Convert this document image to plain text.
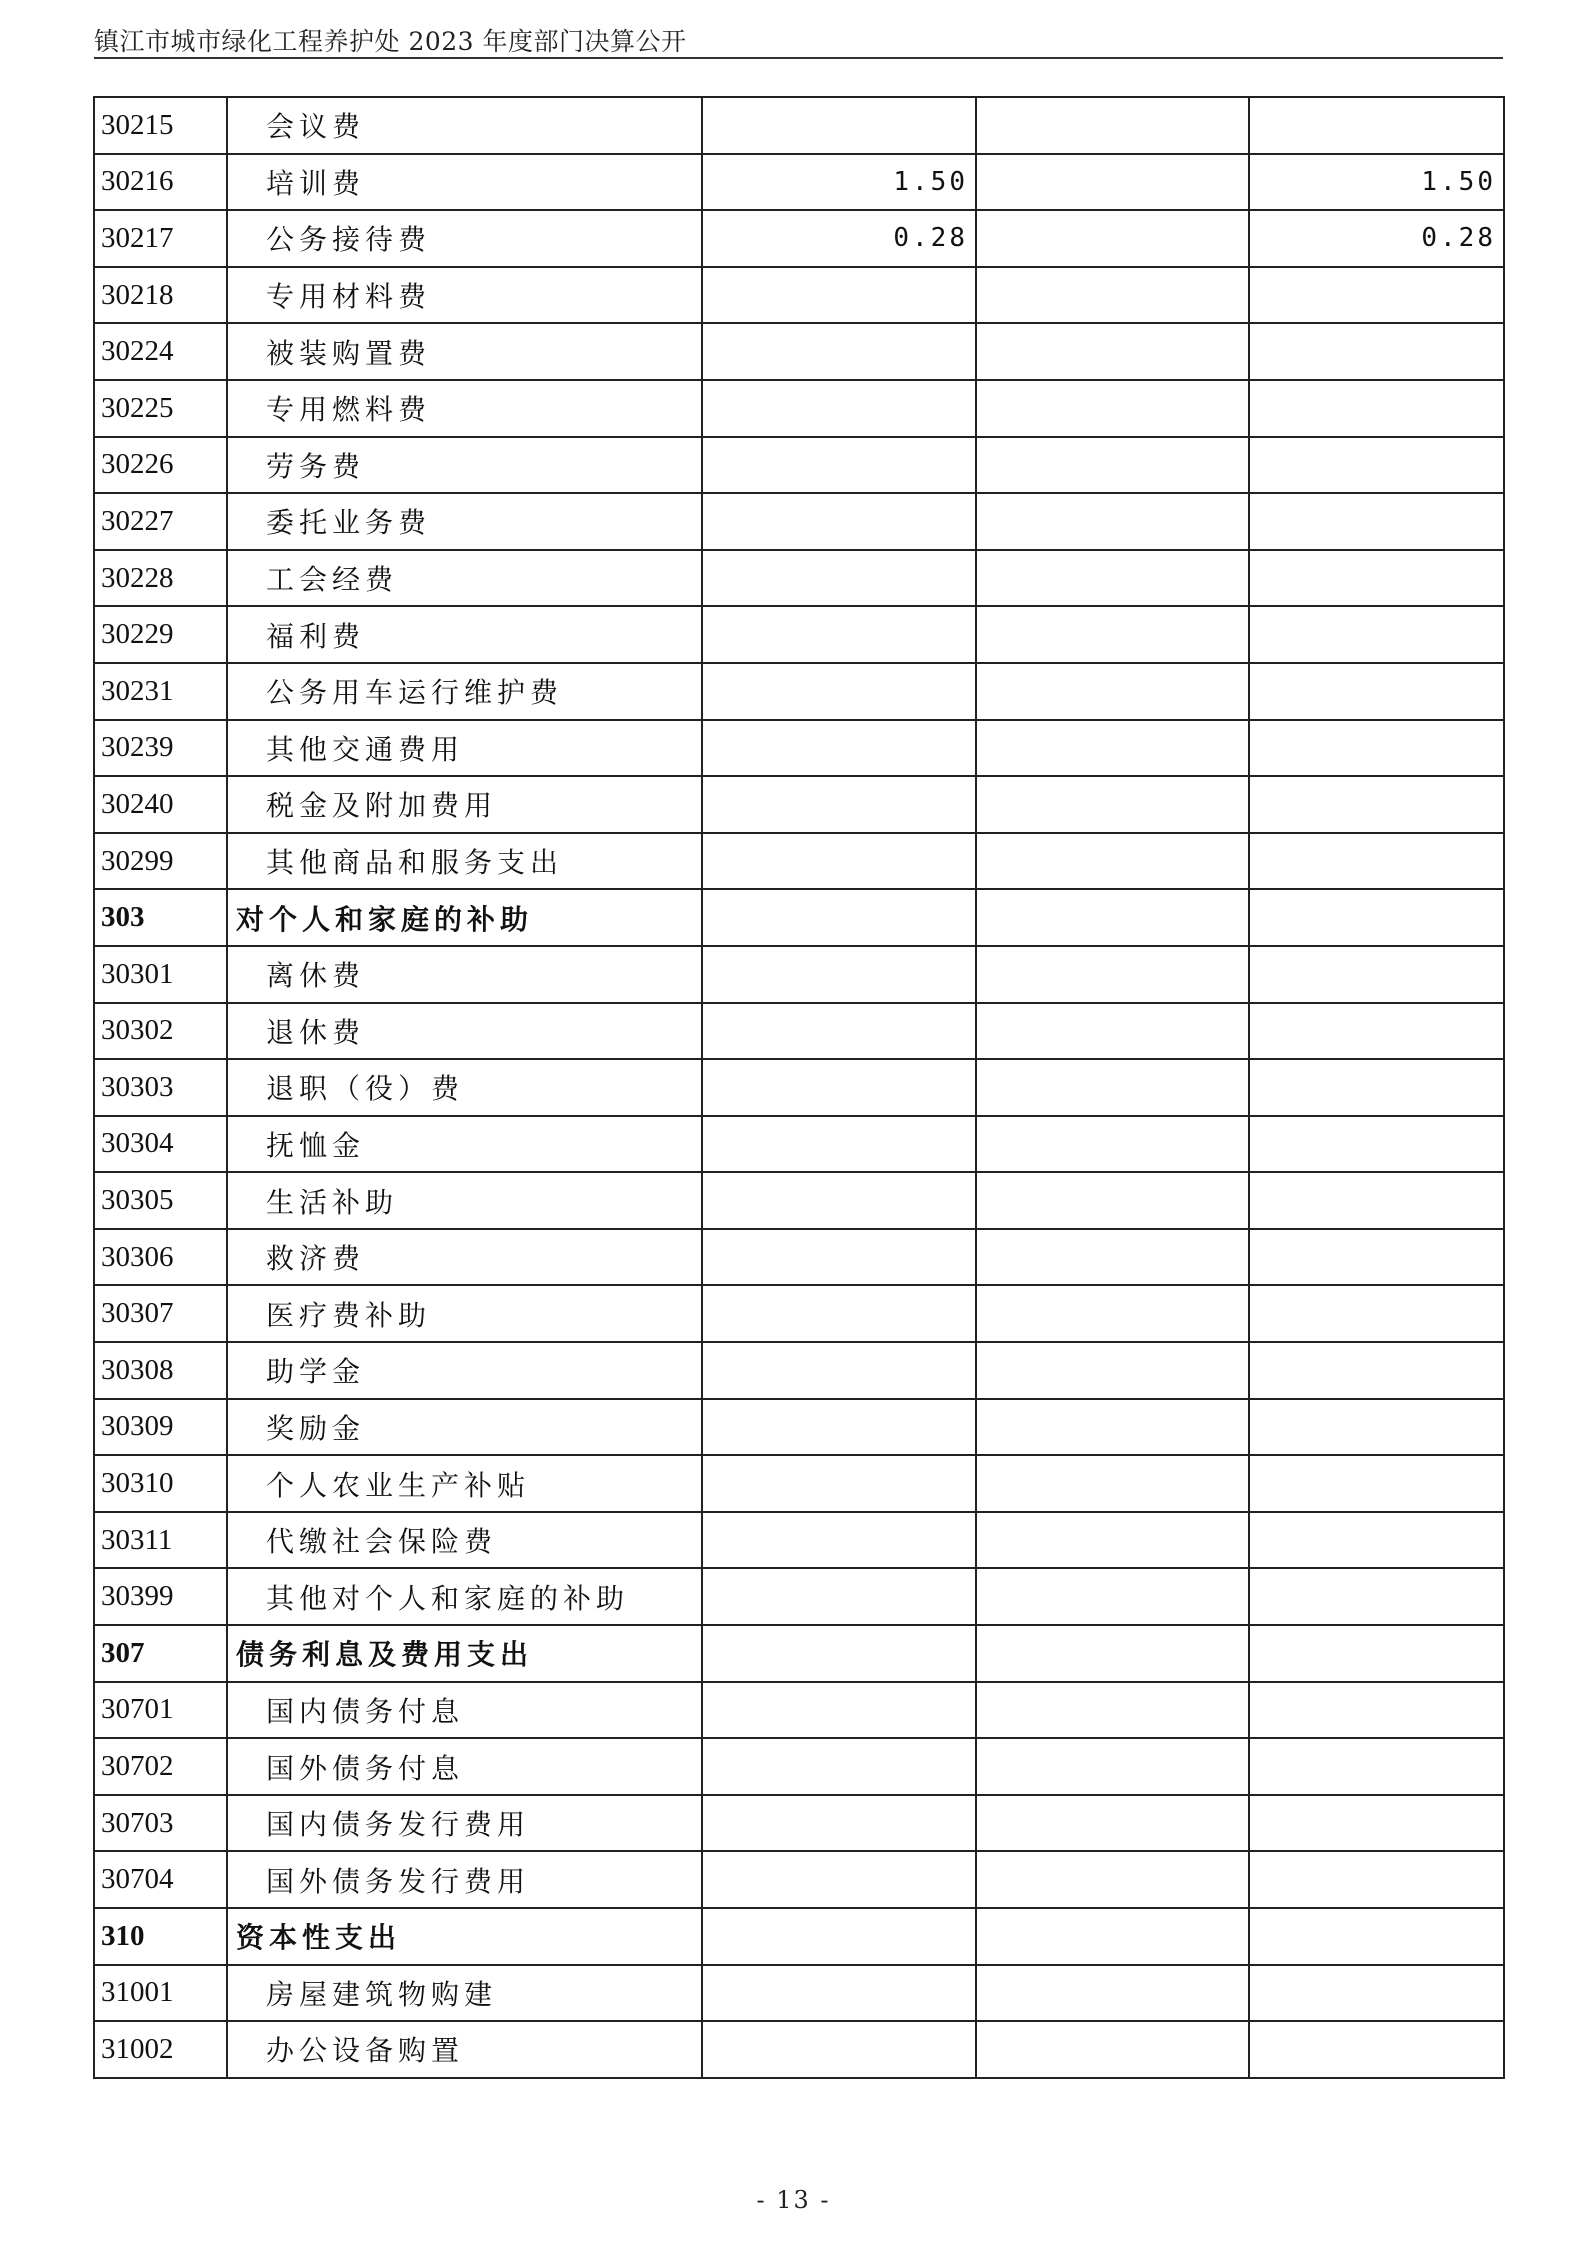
镇江市城市绿化工程养护处 2023 年度部门决算公开
30215	会议费			
30216	培训费	1.50		1.50
30217	公务接待费	0.28		0.28
30218	专用材料费			
30224	被装购置费			
30225	专用燃料费			
30226	劳务费			
30227	委托业务费			
30228	工会经费			
30229	福利费			
30231	公务用车运行维护费			
30239	其他交通费用			
30240	税金及附加费用			
30299	其他商品和服务支出			
303	对个人和家庭的补助			
30301	离休费			
30302	退休费			
30303	退职（役）费			
30304	抚恤金			
30305	生活补助			
30306	救济费			
30307	医疗费补助			
30308	助学金			
30309	奖励金			
30310	个人农业生产补贴			
30311	代缴社会保险费			
30399	其他对个人和家庭的补助			
307	债务利息及费用支出			
30701	国内债务付息			
30702	国外债务付息			
30703	国内债务发行费用			
30704	国外债务发行费用			
310	资本性支出			
31001	房屋建筑物购建			
31002	办公设备购置			
- 13 -
